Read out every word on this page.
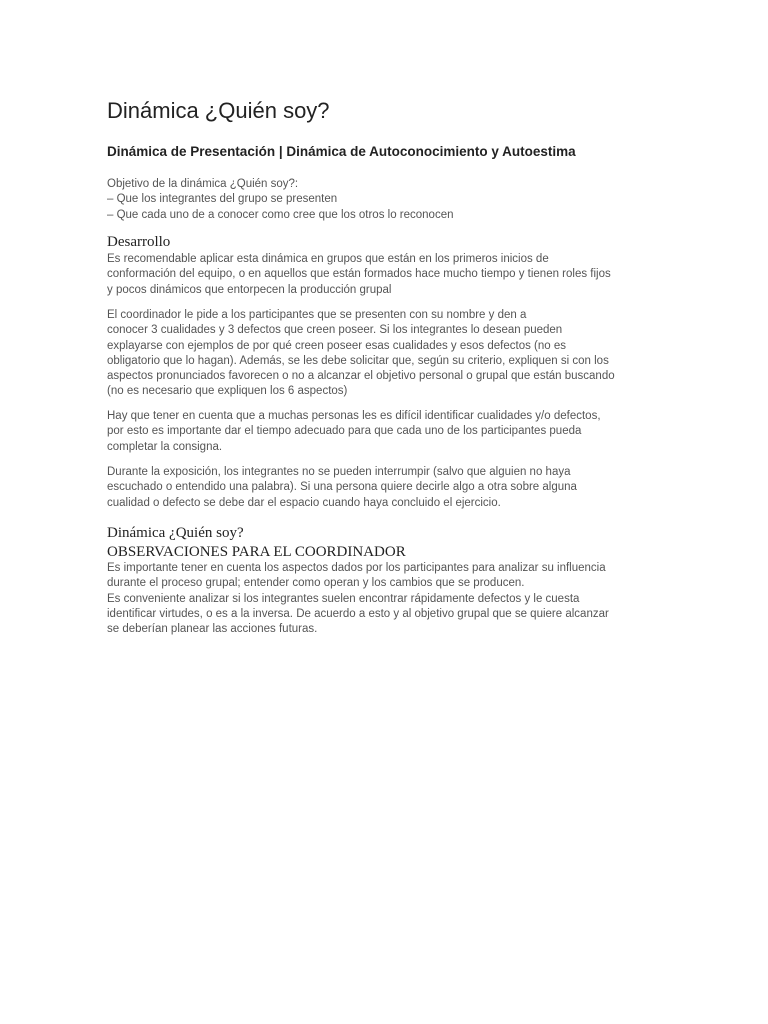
Dinámica ¿Quién soy?
Dinámica de Presentación | Dinámica de Autoconocimiento y Autoestima
Objetivo de la dinámica ¿Quién soy?:
– Que los integrantes del grupo se presenten
– Que cada uno de a conocer como cree que los otros lo reconocen
Desarrollo
Es recomendable aplicar esta dinámica en grupos que están en los primeros inicios de
conformación del equipo, o en aquellos que están formados hace mucho tiempo y tienen roles fijos
y pocos dinámicos que entorpecen la producción grupal
El coordinador le pide a los participantes que se presenten con su nombre y den a
conocer 3 cualidades y 3 defectos que creen poseer. Si los integrantes lo desean pueden
explayarse con ejemplos de por qué creen poseer esas cualidades y esos defectos (no es
obligatorio que lo hagan). Además, se les debe solicitar que, según su criterio, expliquen si con los
aspectos pronunciados favorecen o no a alcanzar el objetivo personal o grupal que están buscando
(no es necesario que expliquen los 6 aspectos)
Hay que tener en cuenta que a muchas personas les es difícil identificar cualidades y/o defectos,
por esto es importante dar el tiempo adecuado para que cada uno de los participantes pueda
completar la consigna.
Durante la exposición, los integrantes no se pueden interrumpir (salvo que alguien no haya
escuchado o entendido una palabra). Si una persona quiere decirle algo a otra sobre alguna
cualidad o defecto se debe dar el espacio cuando haya concluido el ejercicio.
Dinámica ¿Quién soy?
OBSERVACIONES PARA EL COORDINADOR
Es importante tener en cuenta los aspectos dados por los participantes para analizar su influencia
durante el proceso grupal; entender como operan y los cambios que se producen.
Es conveniente analizar si los integrantes suelen encontrar rápidamente defectos y le cuesta
identificar virtudes, o es a la inversa. De acuerdo a esto y al objetivo grupal que se quiere alcanzar
se deberían planear las acciones futuras.
